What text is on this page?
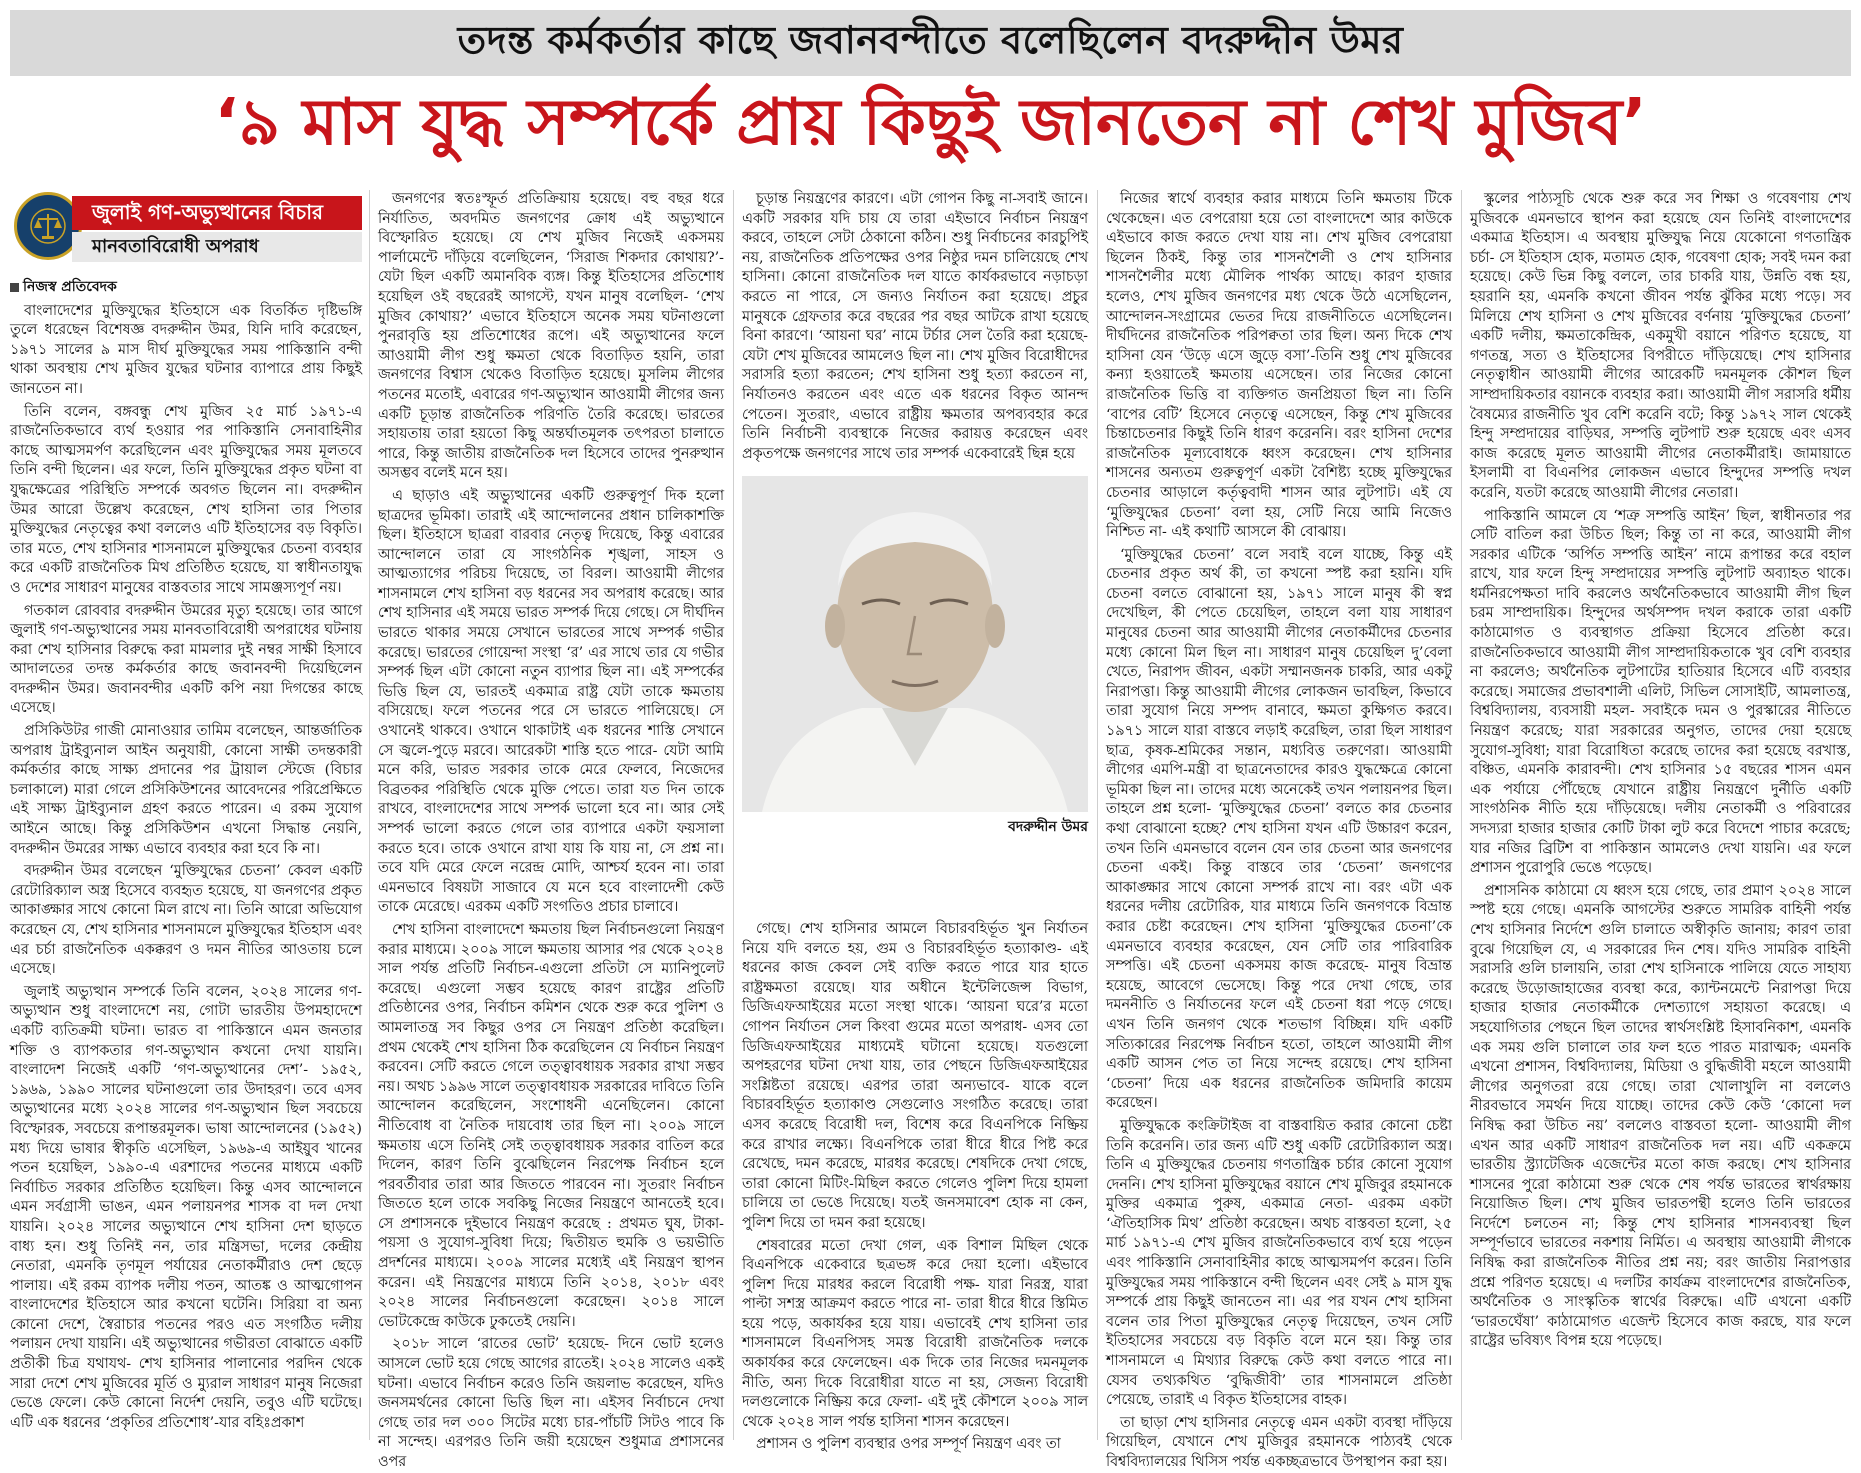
তদন্ত কর্মকর্তার কাছে জবানবন্দীতে বলেছিলেন বদরুদ্দীন উমর
‘৯ মাস যুদ্ধ সম্পর্কে প্রায় কিছুই জানতেন না শেখ মুজিব’
জুলাই গণ-অভ্যুত্থানের বিচার
মানবতাবিরোধী অপরাধ
নিজস্ব প্রতিবেদক

বাংলাদেশের মুক্তিযুদ্ধের ইতিহাসে এক বিতর্কিত দৃষ্টিভঙ্গি তুলে ধরেছেন বিশেষজ্ঞ বদরুদ্দীন উমর, যিনি দাবি করেছেন, ১৯৭১ সালের ৯ মাস দীর্ঘ মুক্তিযুদ্ধের সময় পাকিস্তানি বন্দী থাকা অবস্থায় শেখ মুজিব যুদ্ধের ঘটনার ব্যাপারে প্রায় কিছুই জানতেন না।

তিনি বলেন, বঙ্গবন্ধু শেখ মুজিব ২৫ মার্চ ১৯৭১-এ রাজনৈতিকভাবে ব্যর্থ হওয়ার পর পাকিস্তানি সেনাবাহিনীর কাছে আত্মসমর্পণ করেছিলেন এবং মুক্তিযুদ্ধের সময় মূলতবে তিনি বন্দী ছিলেন। এর ফলে, তিনি মুক্তিযুদ্ধের প্রকৃত ঘটনা বা যুদ্ধক্ষেত্রের পরিস্থিতি সম্পর্কে অবগত ছিলেন না। বদরুদ্দীন উমর আরো উল্লেখ করেছেন, শেখ হাসিনা তার পিতার মুক্তিযুদ্ধের নেতৃত্বের কথা বললেও এটি ইতিহাসের বড় বিকৃতি। তার মতে, শেখ হাসিনার শাসনামলে মুক্তিযুদ্ধের চেতনা ব্যবহার করে একটি রাজনৈতিক মিথ প্রতিষ্ঠিত হয়েছে, যা স্বাধীনতাযুদ্ধ ও দেশের সাধারণ মানুষের বাস্তবতার সাথে সামঞ্জস্যপূর্ণ নয়।

গতকাল রোববার বদরুদ্দীন উমরের মৃত্যু হয়েছে। তার আগে জুলাই গণ-অভ্যুত্থানের সময় মানবতাবিরোধী অপরাধের ঘটনায় করা শেখ হাসিনার বিরুদ্ধে করা মামলার দুই নম্বর সাক্ষী হিসাবে আদালতের তদন্ত কর্মকর্তার কাছে জবানবন্দী দিয়েছিলেন বদরুদ্দীন উমর। জবানবন্দীর একটি কপি নয়া দিগন্তের কাছে এসেছে।

প্রসিকিউটর গাজী মোনাওয়ার তামিম বলেছেন, আন্তর্জাতিক অপরাধ ট্রাইব্যুনাল আইন অনুযায়ী, কোনো সাক্ষী তদন্তকারী কর্মকর্তার কাছে সাক্ষ্য প্রদানের পর ট্রায়াল স্টেজে (বিচার চলাকালে) মারা গেলে প্রসিকিউশনের আবেদনের পরিপ্রেক্ষিতে এই সাক্ষ্য ট্রাইব্যুনাল গ্রহণ করতে পারেন। এ রকম সুযোগ আইনে আছে। কিন্তু প্রসিকিউশন এখনো সিদ্ধান্ত নেয়নি, বদরুদ্দীন উমরের সাক্ষ্য এভাবে ব্যবহার করা হবে কি না।

বদরুদ্দীন উমর বলেছেন ‘মুক্তিযুদ্ধের চেতনা’ কেবল একটি রেটোরিক্যাল অস্ত্র হিসেবে ব্যবহৃত হয়েছে, যা জনগণের প্রকৃত আকাঙ্ক্ষার সাথে কোনো মিল রাখে না। তিনি আরো অভিযোগ করেছেন যে, শেখ হাসিনার শাসনামলে মুক্তিযুদ্ধের ইতিহাস এবং এর চর্চা রাজনৈতিক একক্করণ ও দমন নীতির আওতায় চলে এসেছে।

জুলাই অভ্যুত্থান সম্পর্কে তিনি বলেন, ২০২৪ সালের গণ-অভ্যুত্থান শুধু বাংলাদেশে নয়, গোটা ভারতীয় উপমহাদেশে একটি ব্যতিক্রমী ঘটনা। ভারত বা পাকিস্তানে এমন জনতার শক্তি ও ব্যাপকতার গণ-অভ্যুত্থান কখনো দেখা যায়নি। বাংলাদেশ নিজেই একটি ‘গণ-অভ্যুত্থানের দেশ’- ১৯৫২, ১৯৬৯, ১৯৯০ সালের ঘটনাগুলো তার উদাহরণ। তবে এসব অভ্যুত্থানের মধ্যে ২০২৪ সালের গণ-অভ্যুত্থান ছিল সবচেয়ে বিস্ফোরক, সবচেয়ে রূপান্তরমূলক। ভাষা আন্দোলনের (১৯৫২) মধ্য দিয়ে ভাষার স্বীকৃতি এসেছিল, ১৯৬৯-এ আইয়ুব খানের পতন হয়েছিল, ১৯৯০-এ এরশাদের পতনের মাধ্যমে একটি নির্বাচিত সরকার প্রতিষ্ঠিত হয়েছিল। কিন্তু এসব আন্দোলনে এমন সর্বগ্রাসী ভাঙন, এমন পলায়নপর শাসক বা দল দেখা যায়নি। ২০২৪ সালের অভ্যুত্থানে শেখ হাসিনা দেশ ছাড়তে বাধ্য হন। শুধু তিনিই নন, তার মন্ত্রিসভা, দলের কেন্দ্রীয় নেতারা, এমনকি তৃণমূল পর্যায়ের নেতাকর্মীরাও দেশ ছেড়ে পালায়। এই রকম ব্যাপক দলীয় পতন, আতঙ্ক ও আত্মগোপন বাংলাদেশের ইতিহাসে আর কখনো ঘটেনি। সিরিয়া বা অন্য কোনো দেশে, স্বৈরাচার পতনের পরও এত সংগঠিত দলীয় পলায়ন দেখা যায়নি। এই অভ্যুত্থানের গভীরতা বোঝাতে একটি প্রতীকী চিত্র যথাযথ- শেখ হাসিনার পালানোর পরদিন থেকে সারা দেশে শেখ মুজিবের মূর্তি ও ম্যুরাল সাধারণ মানুষ নিজেরা ভেঙে ফেলে। কেউ কোনো নির্দেশ দেয়নি, তবুও এটি ঘটেছে। এটি এক ধরনের ‘প্রকৃতির প্রতিশোধ’-যার বহিঃপ্রকাশ

জনগণের স্বতঃস্ফূর্ত প্রতিক্রিয়ায় হয়েছে। বহু বছর ধরে নির্যাতিত, অবদমিত জনগণের ক্রোধ এই অভ্যুত্থানে বিস্ফোরিত হয়েছে। যে শেখ মুজিব নিজেই একসময় পার্লামেন্টে দাঁড়িয়ে বলেছিলেন, ‘সিরাজ শিকদার কোথায়?’-যেটা ছিল একটি অমানবিক ব্যঙ্গ। কিন্তু ইতিহাসের প্রতিশোধ হয়েছিল ওই বছরেরই আগস্টে, যখন মানুষ বলেছিল- ‘শেখ মুজিব কোথায়?’ এভাবে ইতিহাসে অনেক সময় ঘটনাগুলো পুনরাবৃত্তি হয় প্রতিশোধের রূপে। এই অভ্যুত্থানের ফলে আওয়ামী লীগ শুধু ক্ষমতা থেকে বিতাড়িত হয়নি, তারা জনগণের বিশ্বাস থেকেও বিতাড়িত হয়েছে। মুসলিম লীগের পতনের মতোই, এবারের গণ-অভ্যুত্থান আওয়ামী লীগের জন্য একটি চূড়ান্ত রাজনৈতিক পরিণতি তৈরি করেছে। ভারতের সহায়তায় তারা হয়তো কিছু অন্তর্ঘাতমূলক তৎপরতা চালাতে পারে, কিন্তু জাতীয় রাজনৈতিক দল হিসেবে তাদের পুনরুত্থান অসম্ভব বলেই মনে হয়।

এ ছাড়াও এই অভ্যুত্থানের একটি গুরুত্বপূর্ণ দিক হলো ছাত্রদের ভূমিকা। তারাই এই আন্দোলনের প্রধান চালিকাশক্তি ছিল। ইতিহাসে ছাত্ররা বারবার নেতৃত্ব দিয়েছে, কিন্তু এবারের আন্দোলনে তারা যে সাংগঠনিক শৃঙ্খলা, সাহস ও আত্মত্যাগের পরিচয় দিয়েছে, তা বিরল। আওয়ামী লীগের শাসনামলে শেখ হাসিনা বড় ধরনের সব অপরাধ করেছে। আর শেখ হাসিনার এই সময়ে ভারত সম্পর্ক দিয়ে গেছে। সে দীর্ঘদিন ভারতে থাকার সময়ে সেখানে ভারতের সাথে সম্পর্ক গভীর করেছে। ভারতের গোয়েন্দা সংস্থা ‘র’ এর সাথে তার যে গভীর সম্পর্ক ছিল এটা কোনো নতুন ব্যাপার ছিল না। এই সম্পর্কের ভিত্তি ছিল যে, ভারতই একমাত্র রাষ্ট্র যেটা তাকে ক্ষমতায় বসিয়েছে। ফলে পতনের পরে সে ভারতে পালিয়েছে। সে ওখানেই থাকবে। ওখানে থাকাটাই এক ধরনের শাস্তি সেখানে সে জ্বলে-পুড়ে মরবে। আরেকটা শাস্তি হতে পারে- যেটা আমি মনে করি, ভারত সরকার তাকে মেরে ফেলবে, নিজেদের বিব্রতকর পরিস্থিতি থেকে মুক্তি পেতে। তারা যত দিন তাকে রাখবে, বাংলাদেশের সাথে সম্পর্ক ভালো হবে না। আর সেই সম্পর্ক ভালো করতে গেলে তার ব্যাপারে একটা ফয়সালা করতে হবে। তাকে ওখানে রাখা যায় কি যায় না, সে প্রশ্ন না। তবে যদি মেরে ফেলে নরেন্দ্র মোদি, আশ্চর্য হবেন না। তারা এমনভাবে বিষয়টা সাজাবে যে মনে হবে বাংলাদেশী কেউ তাকে মেরেছে। এরকম একটি সংগতিও প্রচার চালাবে।

শেখ হাসিনা বাংলাদেশে ক্ষমতায় ছিল নির্বাচনগুলো নিয়ন্ত্রণ করার মাধ্যমে। ২০০৯ সালে ক্ষমতায় আসার পর থেকে ২০২৪ সাল পর্যন্ত প্রতিটি নির্বাচন-এগুলো প্রতিটা সে ম্যানিপুলেট করেছে। এগুলো সম্ভব হয়েছে কারণ রাষ্ট্রের প্রতিটি প্রতিষ্ঠানের ওপর, নির্বাচন কমিশন থেকে শুরু করে পুলিশ ও আমলাতন্ত্র সব কিছুর ওপর সে নিয়ন্ত্রণ প্রতিষ্ঠা করেছিল। প্রথম থেকেই শেখ হাসিনা ঠিক করেছিলেন যে নির্বাচন নিয়ন্ত্রণ করবেন। সেটি করতে গেলে তত্ত্বাবধায়ক সরকার রাখা সম্ভব নয়। অথচ ১৯৯৬ সালে তত্ত্বাবধায়ক সরকারের দাবিতে তিনি আন্দোলন করেছিলেন, সংশোধনী এনেছিলেন। কোনো নীতিবোধ বা নৈতিক দায়বোধ তার ছিল না। ২০০৯ সালে ক্ষমতায় এসে তিনিই সেই তত্ত্বাবধায়ক সরকার বাতিল করে দিলেন, কারণ তিনি বুঝেছিলেন নিরপেক্ষ নির্বাচন হলে পরবর্তীবার তারা আর জিততে পারবেন না। সুতরাং নির্বাচন জিততে হলে তাকে সবকিছু নিজের নিয়ন্ত্রণে আনতেই হবে। সে প্রশাসনকে দুইভাবে নিয়ন্ত্রণ করেছে : প্রথমত ঘুষ, টাকা-পয়সা ও সুযোগ-সুবিধা দিয়ে; দ্বিতীয়ত হুমকি ও ভয়ভীতি প্রদর্শনের মাধ্যমে। ২০০৯ সালের মধ্যেই এই নিয়ন্ত্রণ স্থাপন করেন। এই নিয়ন্ত্রণের মাধ্যমে তিনি ২০১৪, ২০১৮ এবং ২০২৪ সালের নির্বাচনগুলো করেছেন। ২০১৪ সালে ভোটকেন্দ্রে কাউকে ঢুকতেই দেয়নি।

২০১৮ সালে ‘রাতের ভোট’ হয়েছে- দিনে ভোট হলেও আসলে ভোট হয়ে গেছে আগের রাতেই। ২০২৪ সালেও একই ঘটনা। এভাবে নির্বাচন করেও তিনি জয়লাভ করেছেন, যদিও জনসমর্থনের কোনো ভিত্তি ছিল না। এইসব নির্বাচনে দেখা গেছে তার দল ৩০০ সিটের মধ্যে চার-পাঁচটি সিটও পাবে কি না সন্দেহ। এরপরও তিনি জয়ী হয়েছেন শুধুমাত্র প্রশাসনের ওপর

চূড়ান্ত নিয়ন্ত্রণের কারণে। এটা গোপন কিছু না-সবাই জানে। একটি সরকার যদি চায় যে তারা এইভাবে নির্বাচন নিয়ন্ত্রণ করবে, তাহলে সেটা ঠেকানো কঠিন। শুধু নির্বাচনের কারচুপিই নয়, রাজনৈতিক প্রতিপক্ষের ওপর নিষ্ঠুর দমন চালিয়েছে শেখ হাসিনা। কোনো রাজনৈতিক দল যাতে কার্যকরভাবে নড়াচড়া করতে না পারে, সে জন্যও নির্যাতন করা হয়েছে। প্রচুর মানুষকে গ্রেফতার করে বছরের পর বছর আটকে রাখা হয়েছে বিনা কারণে। ‘আয়না ঘর’ নামে টর্চার সেল তৈরি করা হয়েছে- যেটা শেখ মুজিবের আমলেও ছিল না। শেখ মুজিব বিরোধীদের সরাসরি হত্যা করতেন; শেখ হাসিনা শুধু হত্যা করতেন না, নির্যাতনও করতেন এবং এতে এক ধরনের বিকৃত আনন্দ পেতেন। সুতরাং, এভাবে রাষ্ট্রীয় ক্ষমতার অপব্যবহার করে তিনি নির্বাচনী ব্যবস্থাকে নিজের করায়ত্ত করেছেন এবং প্রকৃতপক্ষে জনগণের সাথে তার সম্পর্ক একেবারেই ছিন্ন হয়ে

বদরুদ্দীন উমর

নিজের স্বার্থে ব্যবহার করার মাধ্যমে তিনি ক্ষমতায় টিকে থেকেছেন। এত বেপরোয়া হয়ে তো বাংলাদেশে আর কাউকে এইভাবে কাজ করতে দেখা যায় না। শেখ মুজিব বেপরোয়া ছিলেন ঠিকই, কিন্তু তার শাসনশৈলী ও শেখ হাসিনার শাসনশৈলীর মধ্যে মৌলিক পার্থক্য আছে। কারণ হাজার হলেও, শেখ মুজিব জনগণের মধ্য থেকে উঠে এসেছিলেন, আন্দোলন-সংগ্রামের ভেতর দিয়ে রাজনীতিতে এসেছিলেন। দীর্ঘদিনের রাজনৈতিক পরিপক্বতা তার ছিল। অন্য দিকে শেখ হাসিনা যেন ‘উড়ে এসে জুড়ে বসা’-তিনি শুধু শেখ মুজিবের কন্যা হওয়াতেই ক্ষমতায় এসেছেন। তার নিজের কোনো রাজনৈতিক ভিত্তি বা ব্যক্তিগত জনপ্রিয়তা ছিল না। তিনি ‘বাপের বেটি’ হিসেবে নেতৃত্বে এসেছেন, কিন্তু শেখ মুজিবের চিন্তাচেতনার কিছুই তিনি ধারণ করেননি। বরং হাসিনা দেশের রাজনৈতিক মূল্যবোধকে ধ্বংস করেছেন। শেখ হাসিনার শাসনের অন্যতম গুরুত্বপূর্ণ একটা বৈশিষ্ট্য হচ্ছে মুক্তিযুদ্ধের চেতনার আড়ালে কর্তৃত্ববাদী শাসন আর লুটপাট। এই যে ‘মুক্তিযুদ্ধের চেতনা’ বলা হয়, সেটি নিয়ে আমি নিজেও নিশ্চিত না- এই কথাটি আসলে কী বোঝায়।

‘মুক্তিযুদ্ধের চেতনা’ বলে সবাই বলে যাচ্ছে, কিন্তু এই চেতনার প্রকৃত অর্থ কী, তা কখনো স্পষ্ট করা হয়নি। যদি চেতনা বলতে বোঝানো হয়, ১৯৭১ সালে মানুষ কী স্বপ্ন দেখেছিল, কী পেতে চেয়েছিল, তাহলে বলা যায় সাধারণ মানুষের চেতনা আর আওয়ামী লীগের নেতাকর্মীদের চেতনার মধ্যে কোনো মিল ছিল না। সাধারণ মানুষ চেয়েছিল দু’বেলা খেতে, নিরাপদ জীবন, একটা সম্মানজনক চাকরি, আর একটু নিরাপত্তা। কিন্তু আওয়ামী লীগের লোকজন ভাবছিল, কিভাবে তারা সুযোগ নিয়ে সম্পদ বানাবে, ক্ষমতা কুক্ষিগত করবে। ১৯৭১ সালে যারা বাস্তবে লড়াই করেছিল, তারা ছিল সাধারণ ছাত্র, কৃষক-শ্রমিকের সন্তান, মধ্যবিত্ত তরুণেরা। আওয়ামী লীগের এমপি-মন্ত্রী বা ছাত্রনেতাদের কারও যুদ্ধক্ষেত্রে কোনো ভূমিকা ছিল না। তাদের মধ্যে অনেকেই তখন পলায়নপর ছিল। তাহলে প্রশ্ন হলো- ‘মুক্তিযুদ্ধের চেতনা’ বলতে কার চেতনার কথা বোঝানো হচ্ছে? শেখ হাসিনা যখন এটি উচ্চারণ করেন, তখন তিনি এমনভাবে বলেন যেন তার চেতনা আর জনগণের চেতনা একই। কিন্তু বাস্তবে তার ‘চেতনা’ জনগণের আকাঙ্ক্ষার সাথে কোনো সম্পর্ক রাখে না। বরং এটা এক ধরনের দলীয় রেটোরিক, যার মাধ্যমে তিনি জনগণকে বিভ্রান্ত করার চেষ্টা করেছেন। শেখ হাসিনা ‘মুক্তিযুদ্ধের চেতনা’কে এমনভাবে ব্যবহার করেছেন, যেন সেটি তার পারিবারিক সম্পত্তি। এই চেতনা একসময় কাজ করেছে- মানুষ বিভ্রান্ত হয়েছে, আবেগে ভেসেছে। কিন্তু পরে দেখা গেছে, তার দমননীতি ও নির্যাতনের ফলে এই চেতনা ধরা পড়ে গেছে। এখন তিনি জনগণ থেকে শতভাগ বিচ্ছিন্ন। যদি একটি সত্যিকারের নিরপেক্ষ নির্বাচন হতো, তাহলে আওয়ামী লীগ একটি আসন পেত তা নিয়ে সন্দেহ রয়েছে। শেখ হাসিনা ‘চেতনা’ দিয়ে এক ধরনের রাজনৈতিক জমিদারি কায়েম করেছেন।

মুক্তিযুদ্ধকে কংক্রিটাইজ বা বাস্তবায়িত করার কোনো চেষ্টা তিনি করেননি। তার জন্য এটি শুধু একটি রেটোরিক্যাল অস্ত্র। তিনি এ মুক্তিযুদ্ধের চেতনায় গণতান্ত্রিক চর্চার কোনো সুযোগ দেননি। শেখ হাসিনা মুক্তিযুদ্ধের বয়ানে শেখ মুজিবুর রহমানকে মুক্তির একমাত্র পুরুষ, একমাত্র নেতা- এরকম একটা ‘ঐতিহাসিক মিথ’ প্রতিষ্ঠা করেছেন। অথচ বাস্তবতা হলো, ২৫ মার্চ ১৯৭১-এ শেখ মুজিব রাজনৈতিকভাবে ব্যর্থ হয়ে পড়েন এবং পাকিস্তানি সেনাবাহিনীর কাছে আত্মসমর্পণ করেন। তিনি মুক্তিযুদ্ধের সময় পাকিস্তানে বন্দী ছিলেন এবং সেই ৯ মাস যুদ্ধ সম্পর্কে প্রায় কিছুই জানতেন না। এর পর যখন শেখ হাসিনা বলেন তার পিতা মুক্তিযুদ্ধের নেতৃত্ব দিয়েছেন, তখন সেটি ইতিহাসের সবচেয়ে বড় বিকৃতি বলে মনে হয়। কিন্তু তার শাসনামলে এ মিথ্যার বিরুদ্ধে কেউ কথা বলতে পারে না। যেসব তথ্যকথিত ‘বুদ্ধিজীবী’ তার শাসনামলে প্রতিষ্ঠা পেয়েছে, তারাই এ বিকৃত ইতিহাসের বাহক।

তা ছাড়া শেখ হাসিনার নেতৃত্বে এমন একটা ব্যবস্থা দাঁড়িয়ে গিয়েছিল, যেখানে শেখ মুজিবুর রহমানকে পাঠ্যবই থেকে বিশ্ববিদ্যালয়ের থিসিস পর্যন্ত একচ্ছত্রভাবে উপস্থাপন করা হয়।

স্কুলের পাঠ্যসূচি থেকে শুরু করে সব শিক্ষা ও গবেষণায় শেখ মুজিবকে এমনভাবে স্থাপন করা হয়েছে যেন তিনিই বাংলাদেশের একমাত্র ইতিহাস। এ অবস্থায় মুক্তিযুদ্ধ নিয়ে যেকোনো গণতান্ত্রিক চর্চা- সে ইতিহাস হোক, মতামত হোক, গবেষণা হোক; সবই দমন করা হয়েছে। কেউ ভিন্ন কিছু বললে, তার চাকরি যায়, উন্নতি বন্ধ হয়, হয়রানি হয়, এমনকি কখনো জীবন পর্যন্ত ঝুঁকির মধ্যে পড়ে। সব মিলিয়ে শেখ হাসিনা ও শেখ মুজিবের বর্ণনায় ‘মুক্তিযুদ্ধের চেতনা’ একটি দলীয়, ক্ষমতাকেন্দ্রিক, একমুখী বয়ানে পরিণত হয়েছে, যা গণতন্ত্র, সত্য ও ইতিহাসের বিপরীতে দাঁড়িয়েছে। শেখ হাসিনার নেতৃত্বাধীন আওয়ামী লীগের আরেকটি দমনমূলক কৌশল ছিল সাম্প্রদায়িকতার বয়ানকে ব্যবহার করা। আওয়ামী লীগ সরাসরি ধর্মীয় বৈষম্যের রাজনীতি খুব বেশি করেনি বটে; কিন্তু ১৯৭২ সাল থেকেই হিন্দু সম্প্রদায়ের বাড়িঘর, সম্পত্তি লুটপাট শুরু হয়েছে এবং এসব কাজ করেছে মূলত আওয়ামী লীগের নেতাকর্মীরাই। জামায়াতে ইসলামী বা বিএনপির লোকজন এভাবে হিন্দুদের সম্পত্তি দখল করেনি, যতটা করেছে আওয়ামী লীগের নেতারা।

পাকিস্তানি আমলে যে ‘শত্রু সম্পত্তি আইন’ ছিল, স্বাধীনতার পর সেটি বাতিল করা উচিত ছিল; কিন্তু তা না করে, আওয়ামী লীগ সরকার এটিকে ‘অর্পিত সম্পত্তি আইন’ নামে রূপান্তর করে বহাল রাখে, যার ফলে হিন্দু সম্প্রদায়ের সম্পত্তি লুটপাট অব্যাহত থাকে। ধর্মনিরপেক্ষতা দাবি করলেও অর্থনৈতিকভাবে আওয়ামী লীগ ছিল চরম সাম্প্রদায়িক। হিন্দুদের অর্থসম্পদ দখল করাকে তারা একটি কাঠামোগত ও ব্যবস্থাগত প্রক্রিয়া হিসেবে প্রতিষ্ঠা করে। রাজনৈতিকভাবে আওয়ামী লীগ সাম্প্রদায়িকতাকে খুব বেশি ব্যবহার না করলেও; অর্থনৈতিক লুটপাটের হাতিয়ার হিসেবে এটি ব্যবহার করেছে। সমাজের প্রভাবশালী এলিট, সিভিল সোসাইটি, আমলাতন্ত্র, বিশ্ববিদ্যালয়, ব্যবসায়ী মহল- সবাইকে দমন ও পুরস্কারের নীতিতে নিয়ন্ত্রণ করেছে; যারা সরকারের অনুগত, তাদের দেয়া হয়েছে সুযোগ-সুবিধা; যারা বিরোধিতা করেছে তাদের করা হয়েছে বরখাস্ত, বঞ্চিত, এমনকি কারাবন্দী। শেখ হাসিনার ১৫ বছরের শাসন এমন এক পর্যায়ে পৌঁছেছে যেখানে রাষ্ট্রীয় নিয়ন্ত্রণে দুর্নীতি একটি সাংগঠনিক নীতি হয়ে দাঁড়িয়েছে। দলীয় নেতাকর্মী ও পরিবারের সদস্যরা হাজার হাজার কোটি টাকা লুট করে বিদেশে পাচার করেছে; যার নজির ব্রিটিশ বা পাকিস্তান আমলেও দেখা যায়নি। এর ফলে প্রশাসন পুরোপুরি ভেঙে পড়েছে।

প্রশাসনিক কাঠামো যে ধ্বংস হয়ে গেছে, তার প্রমাণ ২০২৪ সালে স্পষ্ট হয়ে গেছে। এমনকি আগস্টের শুরুতে সামরিক বাহিনী পর্যন্ত শেখ হাসিনার নির্দেশে গুলি চালাতে অস্বীকৃতি জানায়; কারণ তারা বুঝে গিয়েছিল যে, এ সরকারের দিন শেষ। যদিও সামরিক বাহিনী সরাসরি গুলি চালায়নি, তারা শেখ হাসিনাকে পালিয়ে যেতে সাহায্য করেছে উড়োজাহাজের ব্যবস্থা করে, ক্যান্টনমেন্টে নিরাপত্তা দিয়ে হাজার হাজার নেতাকর্মীকে দেশত্যাগে সহায়তা করেছে। এ সহযোগিতার পেছনে ছিল তাদের স্বার্থসংশ্লিষ্ট হিসাবনিকাশ, এমনকি এক সময় গুলি চালালে তার ফল হতে পারত মারাত্মক; এমনকি এখনো প্রশাসন, বিশ্ববিদ্যালয়, মিডিয়া ও বুদ্ধিজীবী মহলে আওয়ামী লীগের অনুগতরা রয়ে গেছে। তারা খোলাখুলি না বললেও নীরবভাবে সমর্থন দিয়ে যাচ্ছে। তাদের কেউ কেউ ‘কোনো দল নিষিদ্ধ করা উচিত নয়’ বললেও বাস্তবতা হলো- আওয়ামী লীগ এখন আর একটি সাধারণ রাজনৈতিক দল নয়। এটি একক্রমে ভারতীয় স্ট্র্যাটেজিক এজেন্টের মতো কাজ করছে। শেখ হাসিনার শাসনের পুরো কাঠামো শুরু থেকে শেষ পর্যন্ত ভারতের স্বার্থরক্ষায় নিয়োজিত ছিল। শেখ মুজিব ভারতপন্থী হলেও তিনি ভারতের নির্দেশে চলতেন না; কিন্তু শেখ হাসিনার শাসনব্যবস্থা ছিল সম্পূর্ণভাবে ভারতের নকশায় নির্মিত। এ অবস্থায় আওয়ামী লীগকে নিষিদ্ধ করা রাজনৈতিক নীতির প্রশ্ন নয়; বরং জাতীয় নিরাপত্তার প্রশ্নে পরিণত হয়েছে। এ দলটির কার্যক্রম বাংলাদেশের রাজনৈতিক, অর্থনৈতিক ও সাংস্কৃতিক স্বার্থের বিরুদ্ধে। এটি এখনো একটি ‘ভারতঘেঁষা’ কাঠামোগত এজেন্ট হিসেবে কাজ করছে, যার ফলে রাষ্ট্রের ভবিষ্যৎ বিপন্ন হয়ে পড়েছে।

গেছে। শেখ হাসিনার আমলে বিচারবহির্ভূত খুন নির্যাতন নিয়ে যদি বলতে হয়, গুম ও বিচারবহির্ভূত হত্যাকাণ্ড- এই ধরনের কাজ কেবল সেই ব্যক্তি করতে পারে যার হাতে রাষ্ট্রক্ষমতা রয়েছে। যার অধীনে ইন্টেলিজেন্স বিভাগ, ডিজিএফআইয়ের মতো সংস্থা থাকে। ‘আয়না ঘরে’র মতো গোপন নির্যাতন সেল কিংবা গুমের মতো অপরাধ- এসব তো ডিজিএফআইয়ের মাধ্যমেই ঘটানো হয়েছে। যতগুলো অপহরণের ঘটনা দেখা যায়, তার পেছনে ডিজিএফআইয়ের সংশ্লিষ্টতা রয়েছে। এরপর তারা অন্যভাবে- যাকে বলে বিচারবহির্ভূত হত্যাকাণ্ড সেগুলোও সংগঠিত করেছে। তারা এসব করেছে বিরোধী দল, বিশেষ করে বিএনপিকে নিষ্ক্রিয় করে রাখার লক্ষ্যে। বিএনপিকে তারা ধীরে ধীরে পিষ্ট করে রেখেছে, দমন করেছে, মারধর করেছে। শেষদিকে দেখা গেছে, তারা কোনো মিটিং-মিছিল করতে গেলেও পুলিশ দিয়ে হামলা চালিয়ে তা ভেঙে দিয়েছে। যতই জনসমাবেশ হোক না কেন, পুলিশ দিয়ে তা দমন করা হয়েছে।

শেষবারের মতো দেখা গেল, এক বিশাল মিছিল থেকে বিএনপিকে একেবারে ছত্রভঙ্গ করে দেয়া হলো। এইভাবে পুলিশ দিয়ে মারধর করলে বিরোধী পক্ষ- যারা নিরস্ত্র, যারা পাল্টা সশস্ত্র আক্রমণ করতে পারে না- তারা ধীরে ধীরে স্তিমিত হয়ে পড়ে, অকার্যকর হয়ে যায়। এভাবেই শেখ হাসিনা তার শাসনামলে বিএনপিসহ সমস্ত বিরোধী রাজনৈতিক দলকে অকার্যকর করে ফেলেছেন। এক দিকে তার নিজের দমনমূলক নীতি, অন্য দিকে বিরোধীরা যাতে না হয়, সেজন্য বিরোধী দলগুলোকে নিষ্ক্রিয় করে ফেলা- এই দুই কৌশলে ২০০৯ সাল থেকে ২০২৪ সাল পর্যন্ত হাসিনা শাসন করেছেন।

প্রশাসন ও পুলিশ ব্যবস্থার ওপর সম্পূর্ণ নিয়ন্ত্রণ এবং তা
